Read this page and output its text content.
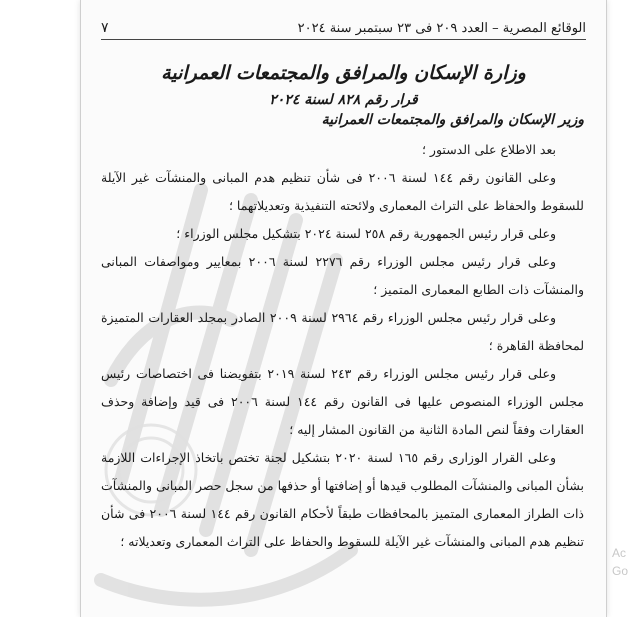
الوقائع المصرية – العدد ٢٠٩ فى ٢٣ سبتمبر سنة ٢٠٢٤
٧
وزارة الإسكان والمرافق والمجتمعات العمرانية
قرار رقم ٨٢٨ لسنة ٢٠٢٤
وزير الإسكان والمرافق والمجتمعات العمرانية

بعد الاطلاع على الدستور ؛

وعلى القانون رقم ١٤٤ لسنة ٢٠٠٦ فى شأن تنظيم هدم المبانى والمنشآت غير الآيلة للسقوط والحفاظ على التراث المعمارى ولائحته التنفيذية وتعديلاتهما ؛

وعلى قرار رئيس الجمهورية رقم ٢٥٨ لسنة ٢٠٢٤ بتشكيل مجلس الوزراء ؛

وعلى قرار رئيس مجلس الوزراء رقم ٢٢٧٦ لسنة ٢٠٠٦ بمعايير ومواصفات المبانى والمنشآت ذات الطابع المعمارى المتميز ؛

وعلى قرار رئيس مجلس الوزراء رقم ٢٩٦٤ لسنة ٢٠٠٩ الصادر بمجلد العقارات المتميزة لمحافظة القاهرة ؛

وعلى قرار رئيس مجلس الوزراء رقم ٢٤٣ لسنة ٢٠١٩ بتفويضنا فى اختصاصات رئيس مجلس الوزراء المنصوص عليها فى القانون رقم ١٤٤ لسنة ٢٠٠٦ فى قيد وإضافة وحذف العقارات وفقاً لنص المادة الثانية من القانون المشار إليه ؛

وعلى القرار الوزارى رقم ١٦٥ لسنة ٢٠٢٠ بتشكيل لجنة تختص باتخاذ الإجراءات اللازمة بشأن المبانى والمنشآت المطلوب قيدها أو إضافتها أو حذفها من سجل حصر المبانى والمنشآت ذات الطراز المعمارى المتميز بالمحافظات طبقاً لأحكام القانون رقم ١٤٤ لسنة ٢٠٠٦ فى شأن تنظيم هدم المبانى والمنشآت غير الآيلة للسقوط والحفاظ على التراث المعمارى وتعديلاته ؛

Ac
Go
